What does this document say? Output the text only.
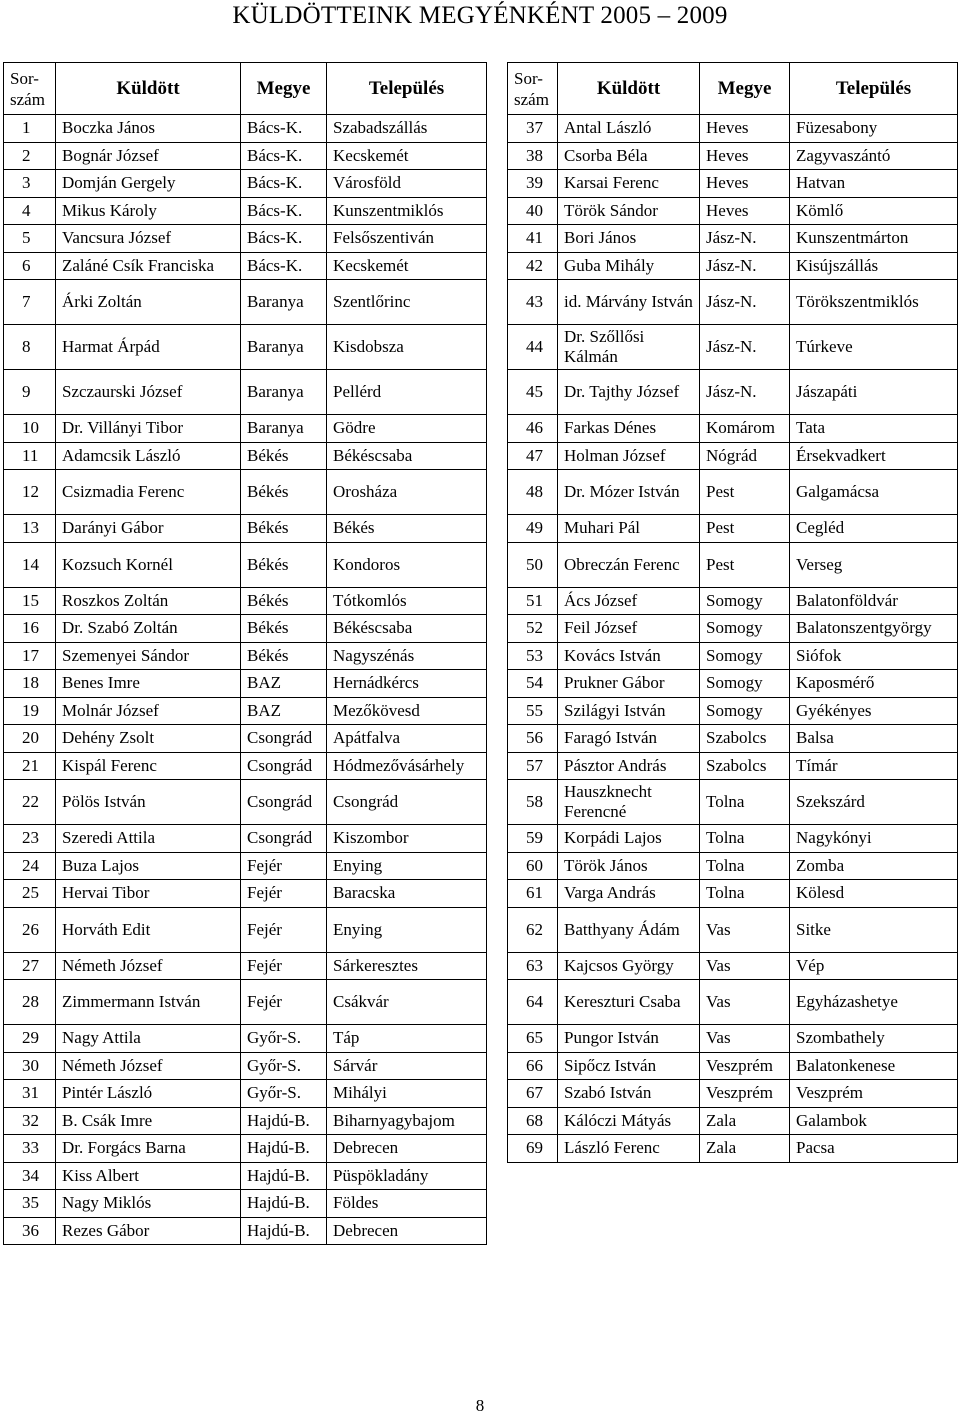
KÜLDÖTTEINK MEGYÉNKÉNT 2005 – 2009
Sor-
szám	Küldött	Megye	Település
1	Boczka János	Bács-K.	Szabadszállás
2	Bognár József	Bács-K.	Kecskemét
3	Domján Gergely	Bács-K.	Városföld
4	Mikus Károly	Bács-K.	Kunszentmiklós
5	Vancsura József	Bács-K.	Felsőszentiván
6	Zaláné Csík Franciska	Bács-K.	Kecskemét
7	Árki Zoltán	Baranya	Szentlőrinc
8	Harmat Árpád	Baranya	Kisdobsza
9	Szczaurski József	Baranya	Pellérd
10	Dr. Villányi Tibor	Baranya	Gödre
11	Adamcsik László	Békés	Békéscsaba
12	Csizmadia Ferenc	Békés	Orosháza
13	Darányi Gábor	Békés	Békés
14	Kozsuch Kornél	Békés	Kondoros
15	Roszkos Zoltán	Békés	Tótkomlós
16	Dr. Szabó Zoltán	Békés	Békéscsaba
17	Szemenyei Sándor	Békés	Nagyszénás
18	Benes Imre	BAZ	Hernádkércs
19	Molnár József	BAZ	Mezőkövesd
20	Dehény Zsolt	Csongrád	Apátfalva
21	Kispál Ferenc	Csongrád	Hódmezővásárhely
22	Pölös István	Csongrád	Csongrád
23	Szeredi Attila	Csongrád	Kiszombor
24	Buza Lajos	Fejér	Enying
25	Hervai Tibor	Fejér	Baracska
26	Horváth Edit	Fejér	Enying
27	Németh József	Fejér	Sárkeresztes
28	Zimmermann István	Fejér	Csákvár
29	Nagy Attila	Győr-S.	Táp
30	Németh József	Győr-S.	Sárvár
31	Pintér László	Győr-S.	Mihályi
32	B. Csák Imre	Hajdú-B.	Biharnyagybajom
33	Dr. Forgács Barna	Hajdú-B.	Debrecen
34	Kiss Albert	Hajdú-B.	Püspökladány
35	Nagy Miklós	Hajdú-B.	Földes
36	Rezes Gábor	Hajdú-B.	Debrecen
Sor-
szám	Küldött	Megye	Település
37	Antal László	Heves	Füzesabony
38	Csorba Béla	Heves	Zagyvaszántó
39	Karsai Ferenc	Heves	Hatvan
40	Török Sándor	Heves	Kömlő
41	Bori János	Jász-N.	Kunszentmárton
42	Guba Mihály	Jász-N.	Kisújszállás
43	id. Márvány István	Jász-N.	Törökszentmiklós
44	Dr. Szőllősi Kálmán	Jász-N.	Túrkeve
45	Dr. Tajthy József	Jász-N.	Jászapáti
46	Farkas Dénes	Komárom	Tata
47	Holman József	Nógrád	Érsekvadkert
48	Dr. Mózer István	Pest	Galgamácsa
49	Muhari Pál	Pest	Cegléd
50	Obreczán Ferenc	Pest	Verseg
51	Ács József	Somogy	Balatonföldvár
52	Feil József	Somogy	Balatonszentgyörgy
53	Kovács István	Somogy	Siófok
54	Prukner Gábor	Somogy	Kaposmérő
55	Szilágyi István	Somogy	Gyékényes
56	Faragó István	Szabolcs	Balsa
57	Pásztor András	Szabolcs	Tímár
58	Hauszknecht Ferencné	Tolna	Szekszárd
59	Korpádi Lajos	Tolna	Nagykónyi
60	Török János	Tolna	Zomba
61	Varga András	Tolna	Kölesd
62	Batthyany Ádám	Vas	Sitke
63	Kajcsos György	Vas	Vép
64	Kereszturi Csaba	Vas	Egyházashetye
65	Pungor István	Vas	Szombathely
66	Sipőcz István	Veszprém	Balatonkenese
67	Szabó István	Veszprém	Veszprém
68	Kálóczi Mátyás	Zala	Galambok
69	László Ferenc	Zala	Pacsa
8
